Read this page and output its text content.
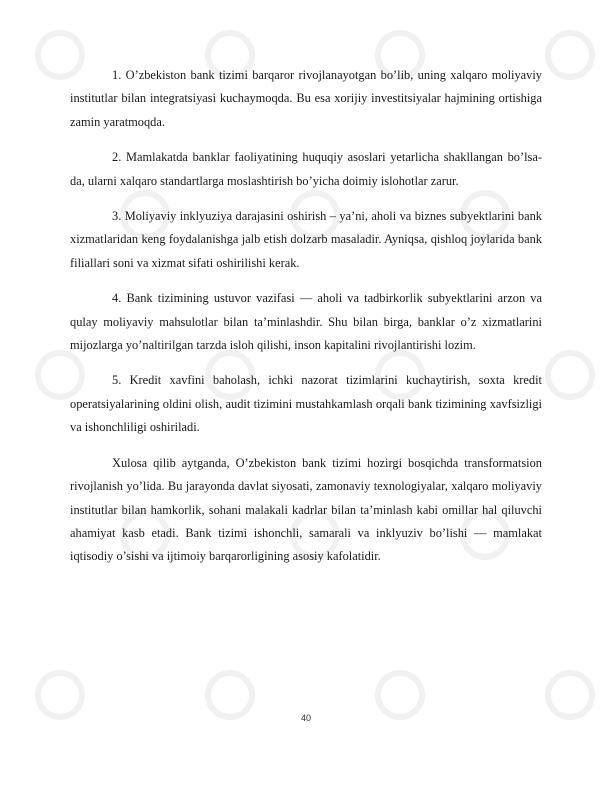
1. O’zbekiston bank tizimi barqaror rivojlanayotgan bo’lib, uning xalqaro moliyaviy institutlar bilan integratsiyasi kuchaymoqda. Bu esa xorijiy investitsiyalar hajmining ortishiga zamin yaratmoqda.

2. Mamlakatda banklar faoliyatining huquqiy asoslari yetarlicha shakllangan bo’lsa-da, ularni xalqaro standartlarga moslashtirish bo’yicha doimiy islohotlar zarur.

3. Moliyaviy inklyuziya darajasini oshirish – ya’ni, aholi va biznes subyektlarini bank xizmatlaridan keng foydalanishga jalb etish dolzarb masaladir. Ayniqsa, qishloq joylarida bank filiallari soni va xizmat sifati oshirilishi kerak.

4. Bank tizimining ustuvor vazifasi — aholi va tadbirkorlik subyektlarini arzon va qulay moliyaviy mahsulotlar bilan ta’minlashdir. Shu bilan birga, banklar o’z xizmatlarini mijozlarga yo’naltirilgan tarzda isloh qilishi, inson kapitalini rivojlantirishi lozim.

5. Kredit xavfini baholash, ichki nazorat tizimlarini kuchaytirish, soxta kredit operatsiyalarining oldini olish, audit tizimini mustahkamlash orqali bank tizimining xavfsizligi va ishonchliligi oshiriladi.

Xulosa qilib aytganda, O’zbekiston bank tizimi hozirgi bosqichda transformatsion rivojlanish yo’lida. Bu jarayonda davlat siyosati, zamonaviy texnologiyalar, xalqaro moliyaviy institutlar bilan hamkorlik, sohani malakali kadrlar bilan ta’minlash kabi omillar hal qiluvchi ahamiyat kasb etadi. Bank tizimi ishonchli, samarali va inklyuziv bo’lishi — mamlakat iqtisodiy o’sishi va ijtimoiy barqarorligining asosiy kafolatidir.

40
